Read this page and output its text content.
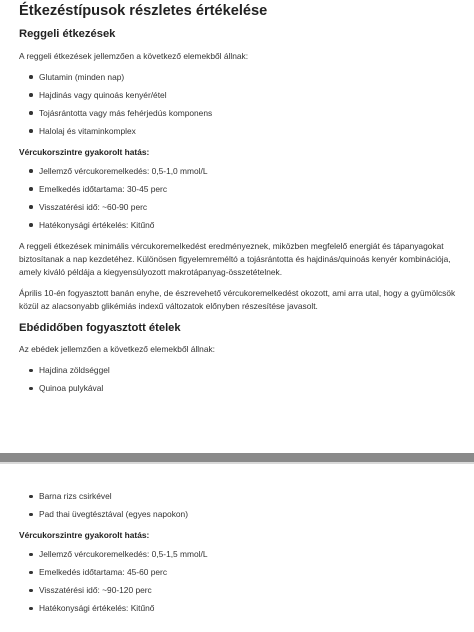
Étkezéstípusok részletes értékelése
Reggeli étkezések

A reggeli étkezések jellemzően a következő elemekből állnak:

Glutamin (minden nap)
Hajdinás vagy quinoás kenyér/étel
Tojásrántotta vagy más fehérjedús komponens
Halolaj és vitaminkomplex

Vércukorszintre gyakorolt hatás:

Jellemző vércukoremelkedés: 0,5-1,0 mmol/L
Emelkedés időtartama: 30-45 perc
Visszatérési idő: ~60-90 perc
Hatékonysági értékelés: Kitűnő

A reggeli étkezések minimális vércukoremelkedést eredményeznek, miközben megfelelő energiát és tápanyagokat biztosítanak a nap kezdetéhez. Különösen figyelemreméltó a tojásrántotta és hajdinás/quinoás kenyér kombinációja, amely kiváló példája a kiegyensúlyozott makrotápanyag-összetételnek.

Április 10-én fogyasztott banán enyhe, de észrevehető vércukoremelkedést okozott, ami arra utal, hogy a gyümölcsök közül az alacsonyabb glikémiás indexű változatok előnyben részesítése javasolt.

Ebédidőben fogyasztott ételek

Az ebédek jellemzően a következő elemekből állnak:

Hajdina zöldséggel
Quinoa pulykával
Barna rizs csirkével
Pad thai üvegtésztával (egyes napokon)

Vércukorszintre gyakorolt hatás:

Jellemző vércukoremelkedés: 0,5-1,5 mmol/L
Emelkedés időtartama: 45-60 perc
Visszatérési idő: ~90-120 perc
Hatékonysági értékelés: Kitűnő
